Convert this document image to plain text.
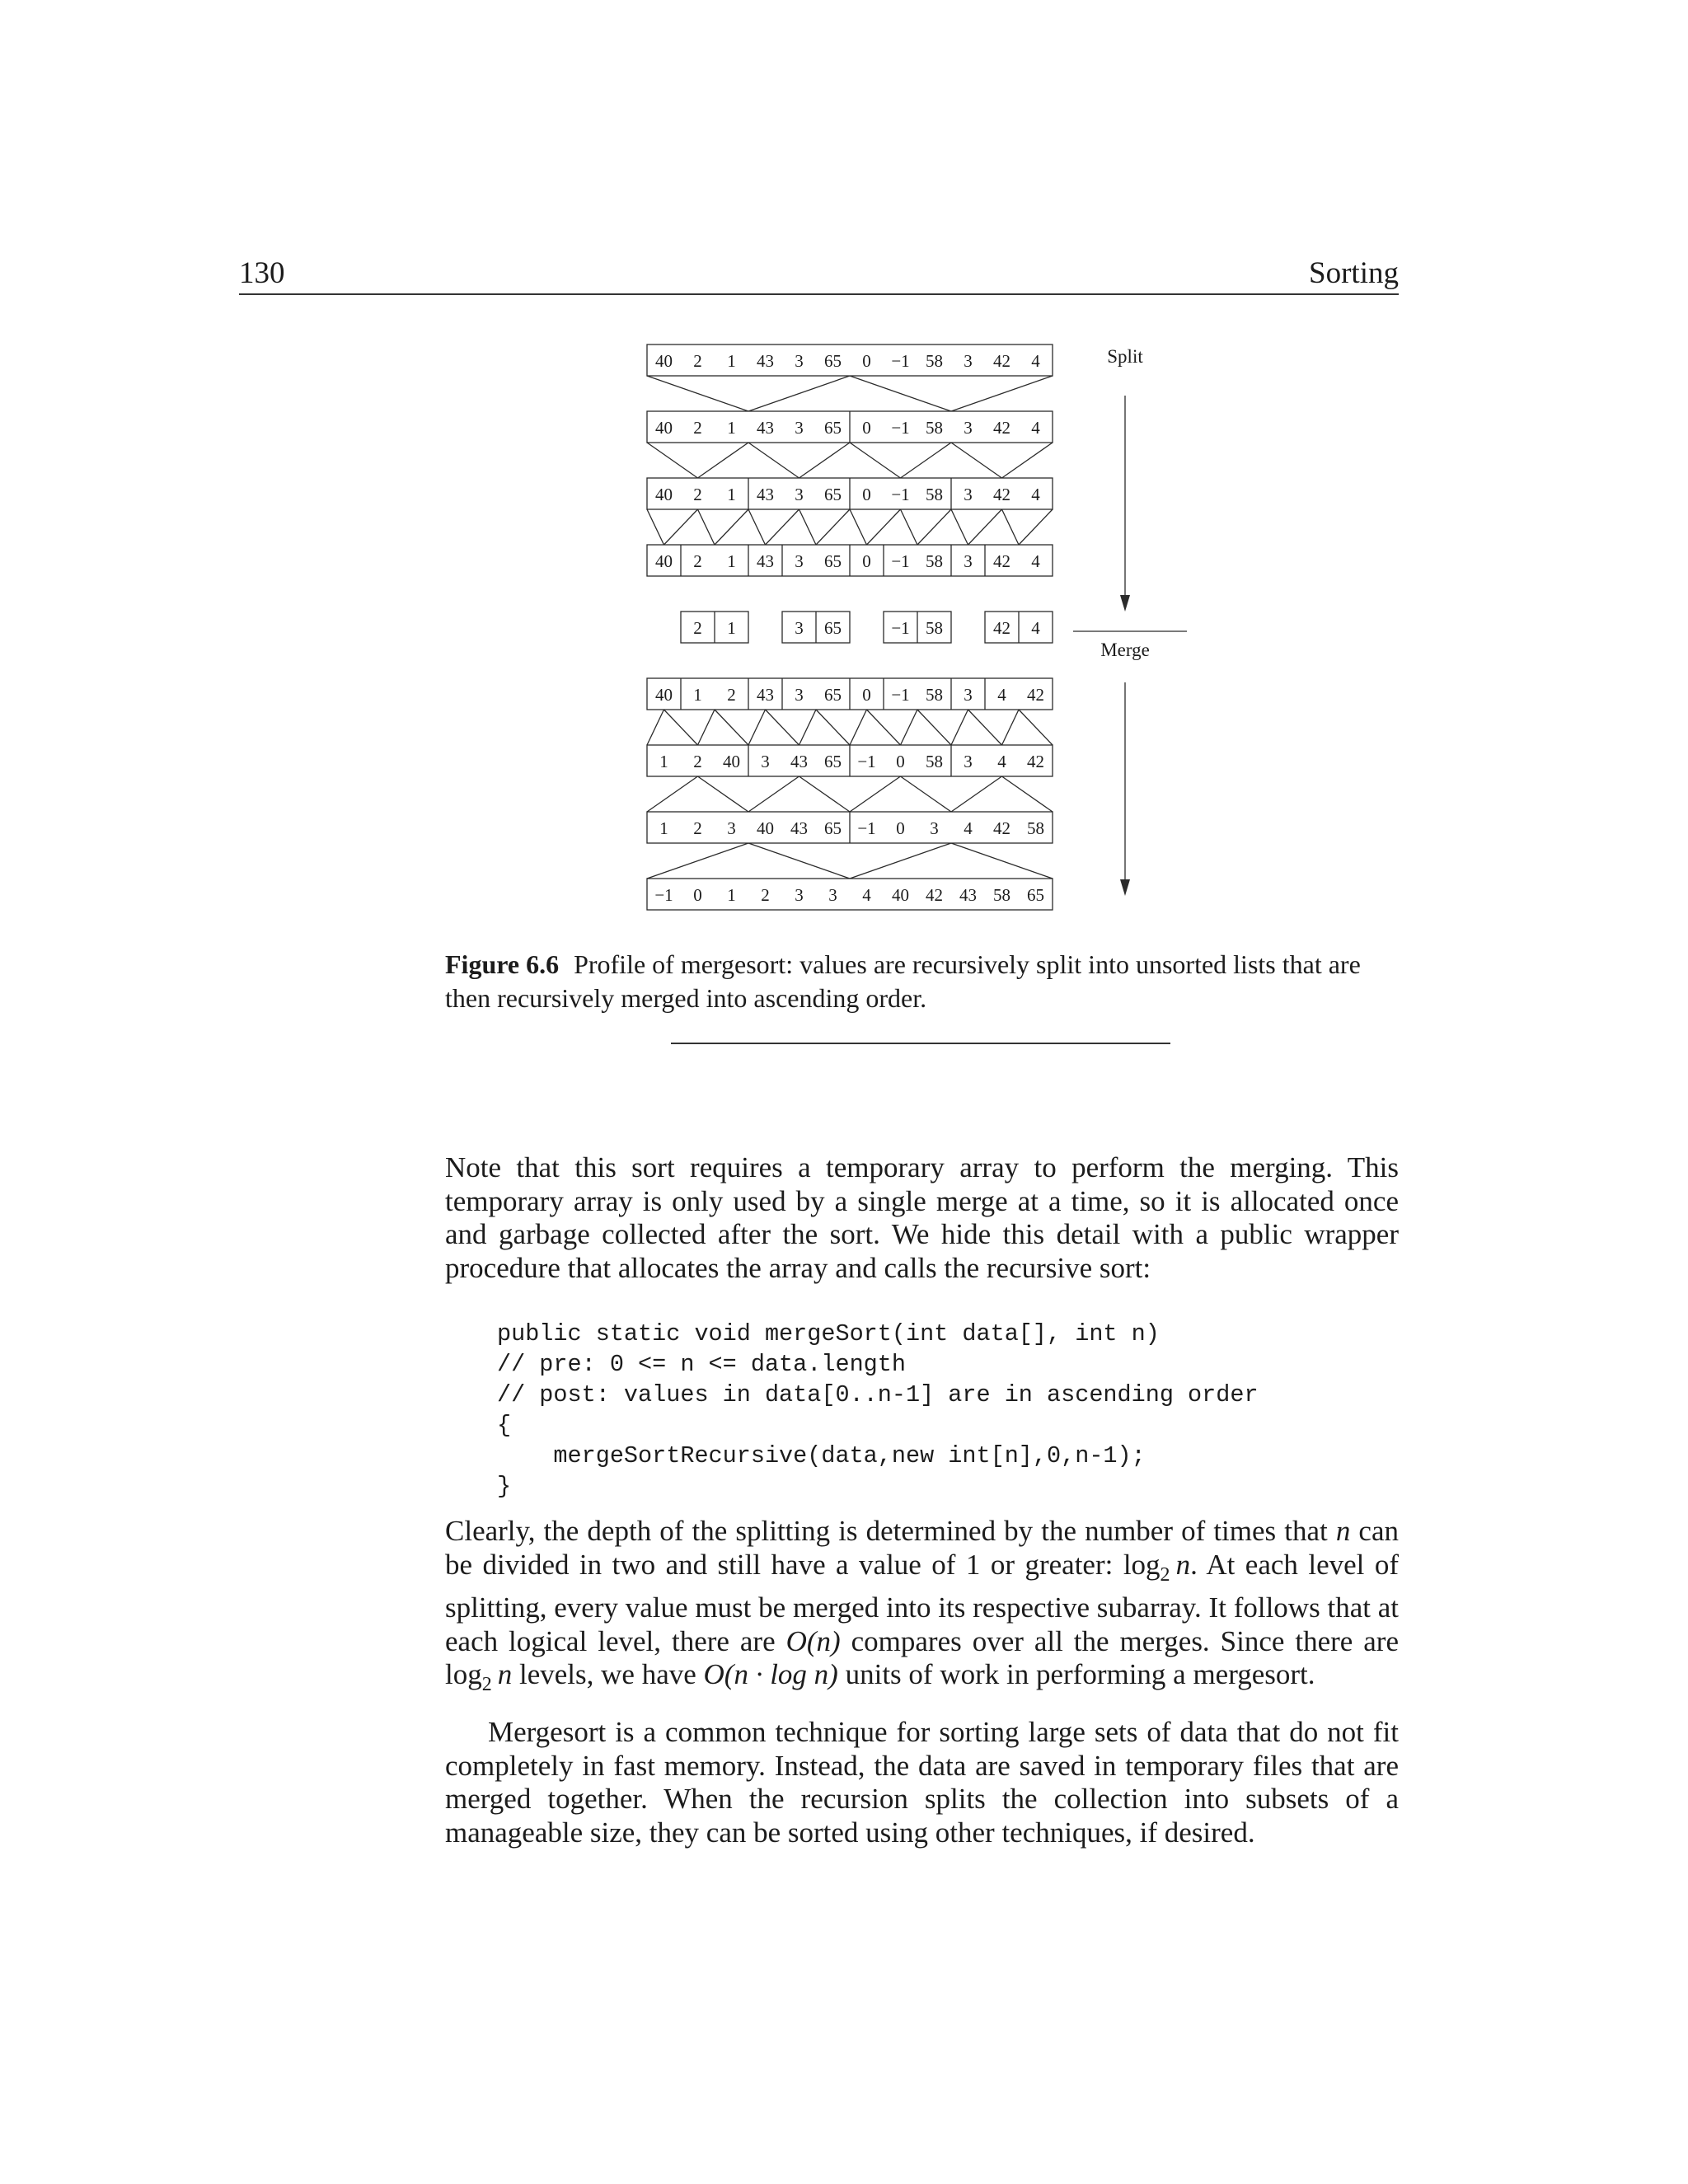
130	Sorting
40 2 1 43 3 65 0 −1 58 3 42 4
40 2 1 43 3 65 0 −1 58 3 42 4
40 2 1 43 3 65 0 −1 58 3 42 4
40 2 1 43 3 65 0 −1 58 3 42 4
2 1	3 65	−1 58	42 4
40 1 2 43 3 65 0 −1 58 3 4 42
1 2 40 3 43 65 −1 0 58 3 4 42
1 2 3 40 43 65 −1 0 3 4 42 58
−1 0 1 2 3 3 4 40 42 43 58 65
Split
Merge
Figure 6.6 Profile of mergesort: values are recursively split into unsorted lists that are then recursively merged into ascending order.

Note that this sort requires a temporary array to perform the merging. This temporary array is only used by a single merge at a time, so it is allocated once and garbage collected after the sort. We hide this detail with a public wrapper procedure that allocates the array and calls the recursive sort:

public static void mergeSort(int data[], int n)
// pre: 0 <= n <= data.length
// post: values in data[0..n-1] are in ascending order
{
mergeSortRecursive(data,new int[n],0,n-1);
}

Clearly, the depth of the splitting is determined by the number of times that n can be divided in two and still have a value of 1 or greater: $\log_2 n$. At each level of splitting, every value must be merged into its respective subarray. It follows that at each logical level, there are O(n) compares over all the merges. Since there are $\log_2 n$ levels, we have O(n · log n) units of work in performing a mergesort.

Mergesort is a common technique for sorting large sets of data that do not fit completely in fast memory. Instead, the data are saved in temporary files that are merged together. When the recursion splits the collection into subsets of a manageable size, they can be sorted using other techniques, if desired.
